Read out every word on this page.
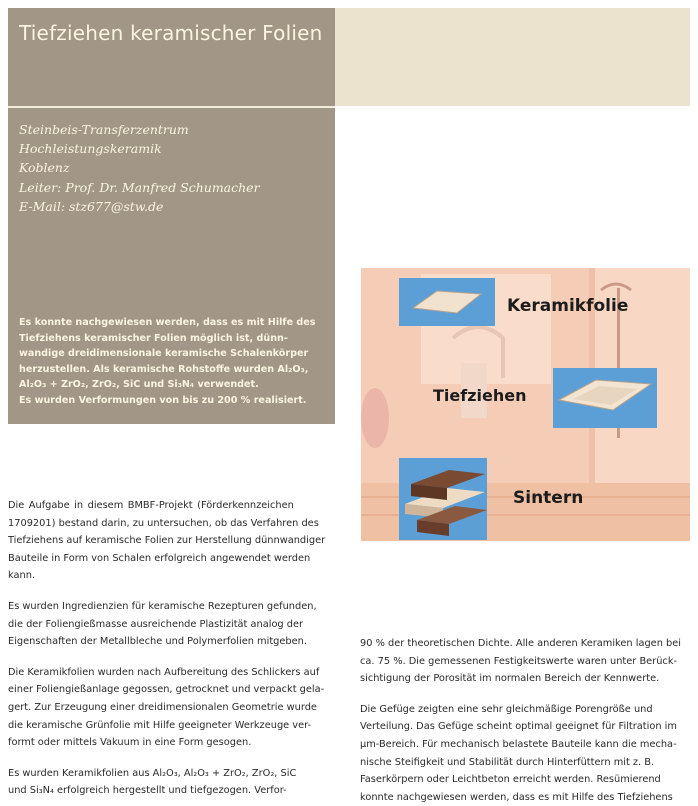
Tiefziehen keramischer Folien
Steinbeis-Transferzentrum
Hochleistungskeramik
Koblenz
Leiter: Prof. Dr. Manfred Schumacher
E-Mail: stz677@stw.de
Es konnte nachgewiesen werden, dass es mit Hilfe des
Tiefziehens keramischer Folien möglich ist, dünn-
wandige dreidimensionale keramische Schalenkörper
herzustellen. Als keramische Rohstoffe wurden Al₂O₃,
Al₂O₃ + ZrO₂, ZrO₂, SiC und Si₃N₄ verwendet.
Es wurden Verformungen von bis zu 200 % realisiert.
Keramikfolie
Tiefziehen
Sintern

Die Aufgabe in diesem BMBF-Projekt (Förderkennzeichen

1709201) bestand darin, zu untersuchen, ob das Verfahren des

Tiefziehens auf keramische Folien zur Herstellung dünnwandiger

Bauteile in Form von Schalen erfolgreich angewendet werden

kann.

Es wurden Ingredienzien für keramische Rezepturen gefunden,

die der Foliengießmasse ausreichende Plastizität analog der

Eigenschaften der Metallbleche und Polymerfolien mitgeben.

Die Keramikfolien wurden nach Aufbereitung des Schlickers auf

einer Foliengießanlage gegossen, getrocknet und verpackt gela-

gert. Zur Erzeugung einer dreidimensionalen Geometrie wurde

die keramische Grünfolie mit Hilfe geeigneter Werkzeuge ver-

formt oder mittels Vakuum in eine Form gesogen.

Es wurden Keramikfolien aus Al₂O₃, Al₂O₃ + ZrO₂, ZrO₂, SiC

und Si₃N₄ erfolgreich hergestellt und tiefgezogen. Verfor-

90 % der theoretischen Dichte. Alle anderen Keramiken lagen bei

ca. 75 %. Die gemessenen Festigkeitswerte waren unter Berück-

sichtigung der Porosität im normalen Bereich der Kennwerte.

Die Gefüge zeigten eine sehr gleichmäßige Porengröße und

Verteilung. Das Gefüge scheint optimal geeignet für Filtration im

µm-Bereich. Für mechanisch belastete Bauteile kann die mecha-

nische Steifigkeit und Stabilität durch Hinterfüttern mit z. B.

Faserkörpern oder Leichtbeton erreicht werden. Resümierend

konnte nachgewiesen werden, dass es mit Hilfe des Tiefziehens
